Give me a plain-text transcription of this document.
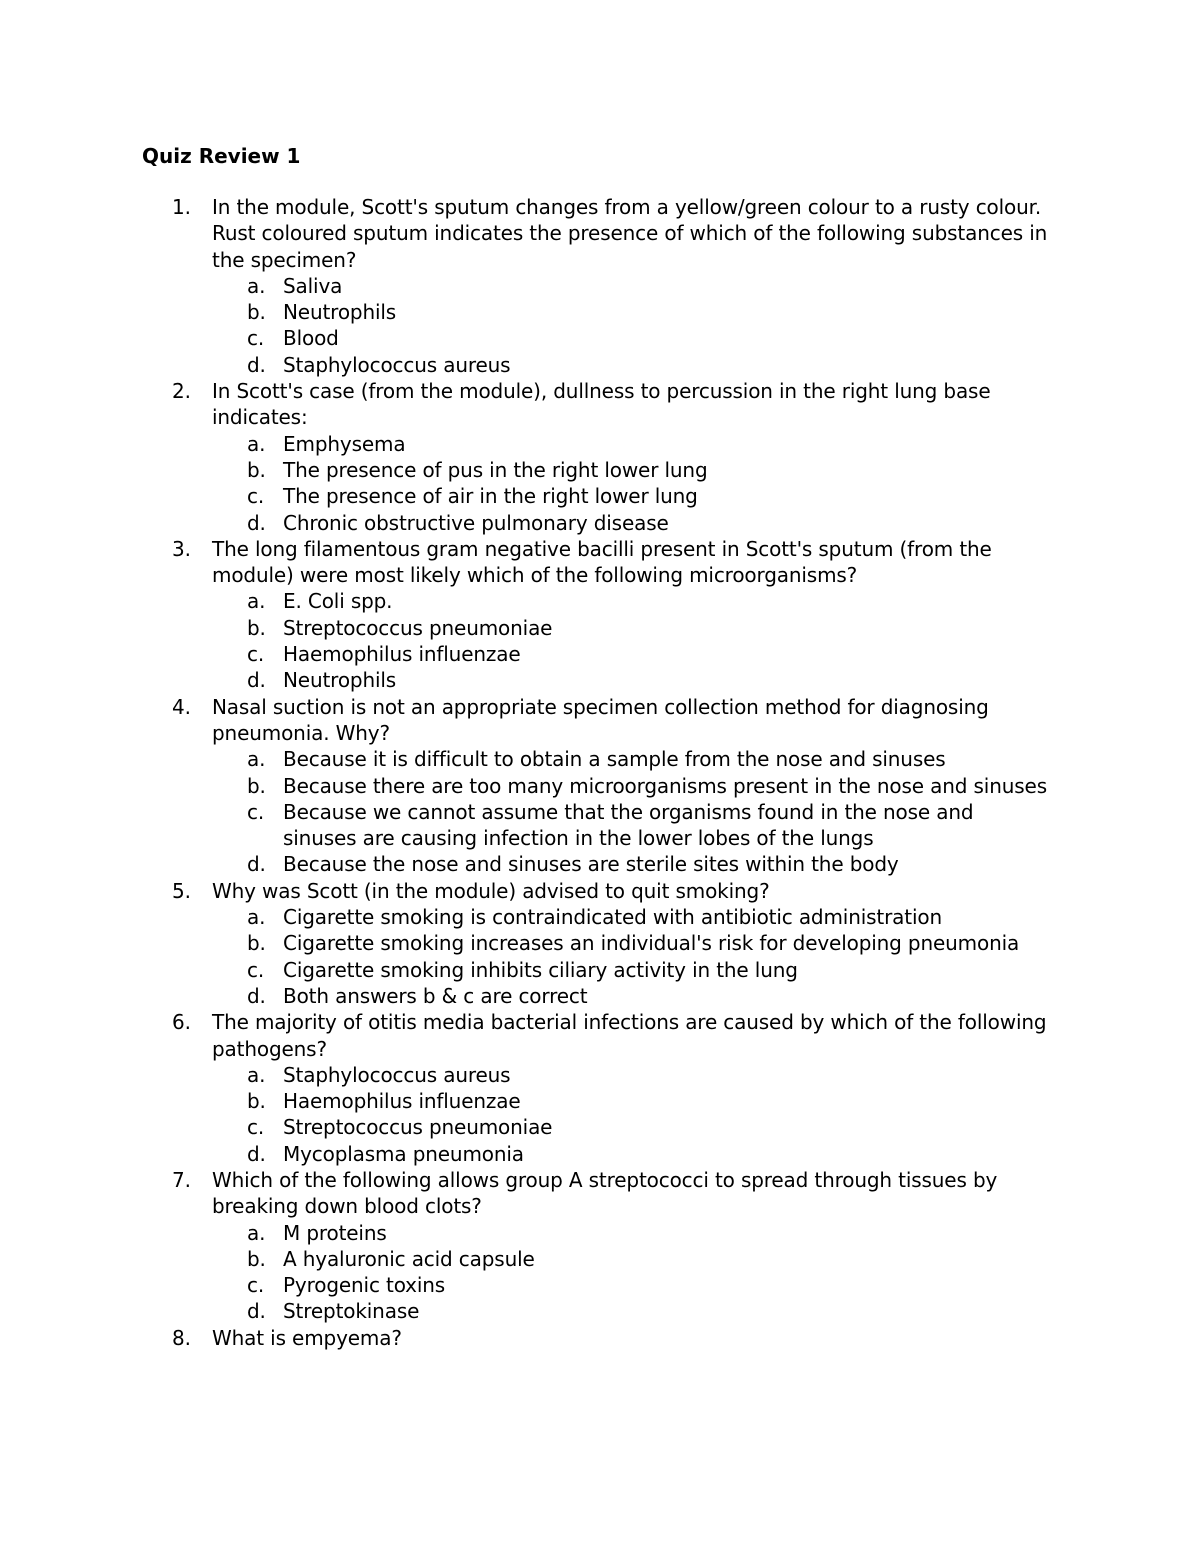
Quiz Review 1
1.	In the module, Scott's sputum changes from a yellow/green colour to a rusty colour. Rust coloured sputum indicates the presence of which of the following substances in the specimen?
a. Saliva
b. Neutrophils
c. Blood
d. Staphylococcus aureus
2.	In Scott's case (from the module), dullness to percussion in the right lung base indicates:
a. Emphysema
b. The presence of pus in the right lower lung
c. The presence of air in the right lower lung
d. Chronic obstructive pulmonary disease
3.	The long filamentous gram negative bacilli present in Scott's sputum (from the module) were most likely which of the following microorganisms?
a. E. Coli spp.
b. Streptococcus pneumoniae
c. Haemophilus influenzae
d. Neutrophils
4.	Nasal suction is not an appropriate specimen collection method for diagnosing pneumonia. Why?
a. Because it is difficult to obtain a sample from the nose and sinuses
b. Because there are too many microorganisms present in the nose and sinuses
c. Because we cannot assume that the organisms found in the nose and sinuses are causing infection in the lower lobes of the lungs
d. Because the nose and sinuses are sterile sites within the body
5.	Why was Scott (in the module) advised to quit smoking?
a. Cigarette smoking is contraindicated with antibiotic administration
b. Cigarette smoking increases an individual's risk for developing pneumonia
c. Cigarette smoking inhibits ciliary activity in the lung
d. Both answers b & c are correct
6.	The majority of otitis media bacterial infections are caused by which of the following pathogens?
a. Staphylococcus aureus
b. Haemophilus influenzae
c. Streptococcus pneumoniae
d. Mycoplasma pneumonia
7.	Which of the following allows group A streptococci to spread through tissues by breaking down blood clots?
a. M proteins
b. A hyaluronic acid capsule
c. Pyrogenic toxins
d. Streptokinase
8.	What is empyema?
